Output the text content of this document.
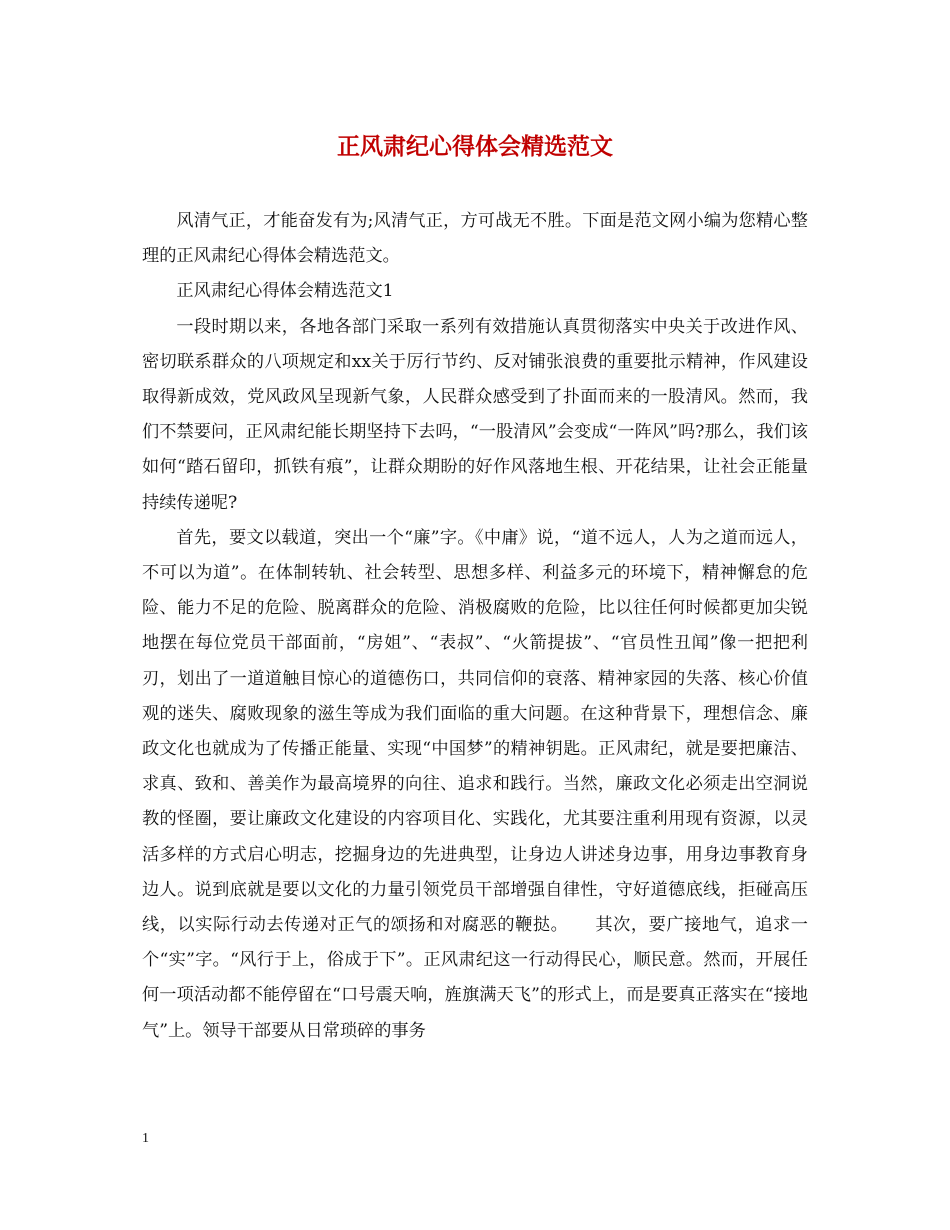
正风肃纪心得体会精选范文

风清气正，才能奋发有为;风清气正，方可战无不胜。下面是范文网小编为您精心整理的正风肃纪心得体会精选范文。

正风肃纪心得体会精选范文1

一段时期以来，各地各部门采取一系列有效措施认真贯彻落实中央关于改进作风、密切联系群众的八项规定和xx关于厉行节约、反对铺张浪费的重要批示精神，作风建设取得新成效，党风政风呈现新气象，人民群众感受到了扑面而来的一股清风。然而，我们不禁要问，正风肃纪能长期坚持下去吗，“一股清风”会变成“一阵风”吗?那么，我们该如何“踏石留印，抓铁有痕”，让群众期盼的好作风落地生根、开花结果，让社会正能量持续传递呢?

首先，要文以载道，突出一个“廉”字。《中庸》说，“道不远人，人为之道而远人，不可以为道”。在体制转轨、社会转型、思想多样、利益多元的环境下，精神懈怠的危险、能力不足的危险、脱离群众的危险、消极腐败的危险，比以往任何时候都更加尖锐地摆在每位党员干部面前，“房姐”、“表叔”、“火箭提拔”、“官员性丑闻”像一把把利刃，划出了一道道触目惊心的道德伤口，共同信仰的衰落、精神家园的失落、核心价值观的迷失、腐败现象的滋生等成为我们面临的重大问题。在这种背景下，理想信念、廉政文化也就成为了传播正能量、实现“中国梦”的精神钥匙。正风肃纪，就是要把廉洁、求真、致和、善美作为最高境界的向往、追求和践行。当然，廉政文化必须走出空洞说教的怪圈，要让廉政文化建设的内容项目化、实践化，尤其要注重利用现有资源，以灵活多样的方式启心明志，挖掘身边的先进典型，让身边人讲述身边事，用身边事教育身边人。说到底就是要以文化的力量引领党员干部增强自律性，守好道德底线，拒碰高压线，以实际行动去传递对正气的颂扬和对腐恶的鞭挞。　　其次，要广接地气，追求一个“实”字。“风行于上，俗成于下”。正风肃纪这一行动得民心，顺民意。然而，开展任何一项活动都不能停留在“口号震天响，旌旗满天飞”的形式上，而是要真正落实在“接地气”上。领导干部要从日常琐碎的事务

1
